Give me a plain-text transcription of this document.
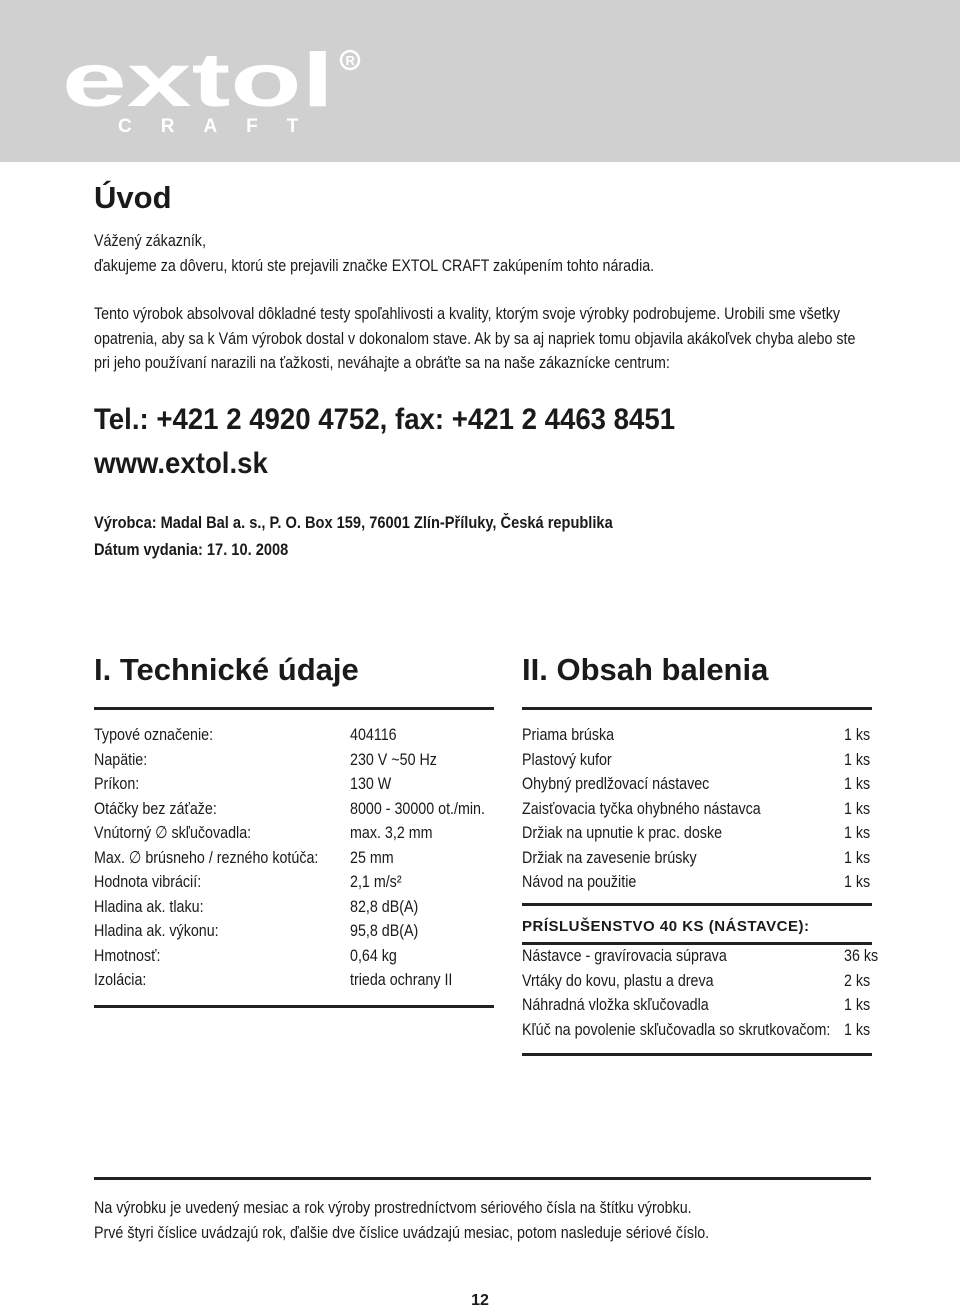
extol R
CRAFT
Úvod

Vážený zákazník,

ďakujeme za dôveru, ktorú ste prejavili značke EXTOL CRAFT zakúpením tohto náradia.

Tento výrobok absolvoval dôkladné testy spoľahlivosti a kvality, ktorým svoje výrobky podrobujeme. Urobili sme všetky

opatrenia, aby sa k Vám výrobok dostal v dokonalom stave. Ak by sa aj napriek tomu objavila akákoľvek chyba alebo ste

pri jeho používaní narazili na ťažkosti, neváhajte a obráťte sa na naše zákaznícke centrum:

Tel.: +421 2 4920 4752, fax: +421 2 4463 8451
www.extol.sk
Výrobca: Madal Bal a. s., P. O. Box 159, 76001 Zlín-Příluky, Česká republika
Dátum vydania: 17. 10. 2008
I. Technické údaje
Typové označenie:	404116
Napätie:	230 V ~50 Hz
Príkon:	130 W
Otáčky bez záťaže:	8000 - 30000 ot./min.
Vnútorný ∅ skľučovadla:	max. 3,2 mm
Max. ∅ brúsneho / rezného kotúča: 25 mm
Hodnota vibrácií:	2,1 m/s²
Hladina ak. tlaku:	82,8 dB(A)
Hladina ak. výkonu:	95,8 dB(A)
Hmotnosť:	0,64 kg
Izolácia:	trieda ochrany II
II. Obsah balenia
Priama brúska	1 ks
Plastový kufor	1 ks
Ohybný predlžovací nástavec	1 ks
Zaisťovacia tyčka ohybného nástavca	1 ks
Držiak na upnutie k prac. doske	1 ks
Držiak na zavesenie brúsky	1 ks
Návod na použitie	1 ks
PRÍSLUŠENSTVO 40 KS (NÁSTAVCE):
Nástavce - gravírovacia súprava	36 ks
Vrtáky do kovu, plastu a dreva	2 ks
Náhradná vložka skľučovadla	1 ks
Kľúč na povolenie skľučovadla so skrutkovačom: 1 ks

Na výrobku je uvedený mesiac a rok výroby prostredníctvom sériového čísla na štítku výrobku.

Prvé štyri číslice uvádzajú rok, ďalšie dve číslice uvádzajú mesiac, potom nasleduje sériové číslo.

12
